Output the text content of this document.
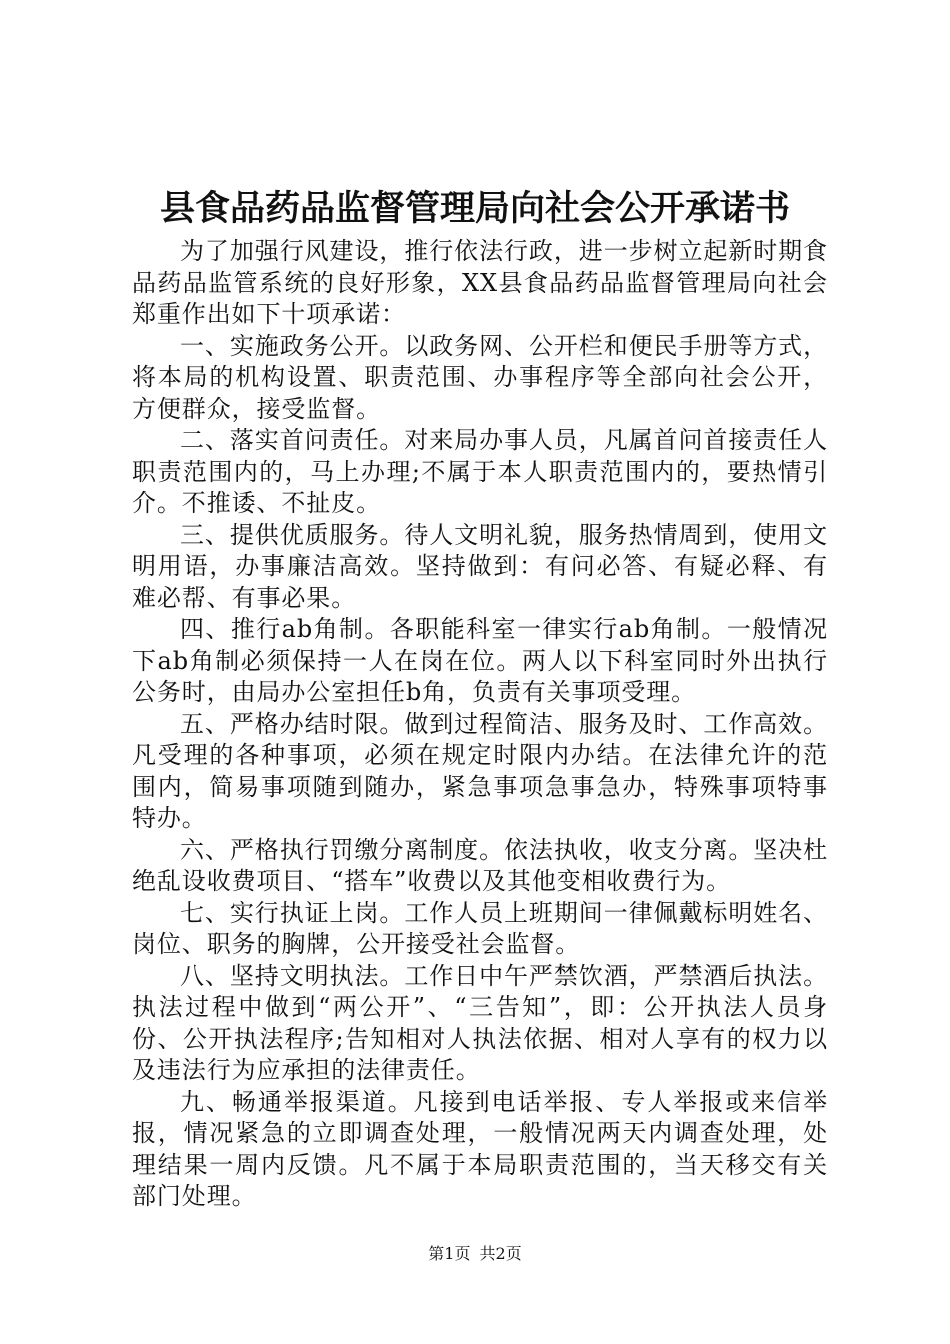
县食品药品监督管理局向社会公开承诺书

为了加强行风建设，推行依法行政，进一步树立起新时期食品药品监管系统的良好形象，XX县食品药品监督管理局向社会郑重作出如下十项承诺：

一、实施政务公开。以政务网、公开栏和便民手册等方式，将本局的机构设置、职责范围、办事程序等全部向社会公开，方便群众，接受监督。

二、落实首问责任。对来局办事人员，凡属首问首接责任人职责范围内的，马上办理;不属于本人职责范围内的，要热情引介。不推诿、不扯皮。

三、提供优质服务。待人文明礼貌，服务热情周到，使用文明用语，办事廉洁高效。坚持做到：有问必答、有疑必释、有难必帮、有事必果。

四、推行ab角制。各职能科室一律实行ab角制。一般情况下ab角制必须保持一人在岗在位。两人以下科室同时外出执行公务时，由局办公室担任b角，负责有关事项受理。

五、严格办结时限。做到过程简洁、服务及时、工作高效。凡受理的各种事项，必须在规定时限内办结。在法律允许的范围内，简易事项随到随办，紧急事项急事急办，特殊事项特事特办。

六、严格执行罚缴分离制度。依法执收，收支分离。坚决杜绝乱设收费项目、“搭车”收费以及其他变相收费行为。

七、实行执证上岗。工作人员上班期间一律佩戴标明姓名、岗位、职务的胸牌，公开接受社会监督。

八、坚持文明执法。工作日中午严禁饮酒，严禁酒后执法。执法过程中做到“两公开”、“三告知”，即：公开执法人员身份、公开执法程序;告知相对人执法依据、相对人享有的权力以及违法行为应承担的法律责任。

九、畅通举报渠道。凡接到电话举报、专人举报或来信举报，情况紧急的立即调查处理，一般情况两天内调查处理，处理结果一周内反馈。凡不属于本局职责范围的，当天移交有关部门处理。

第1页 共2页
